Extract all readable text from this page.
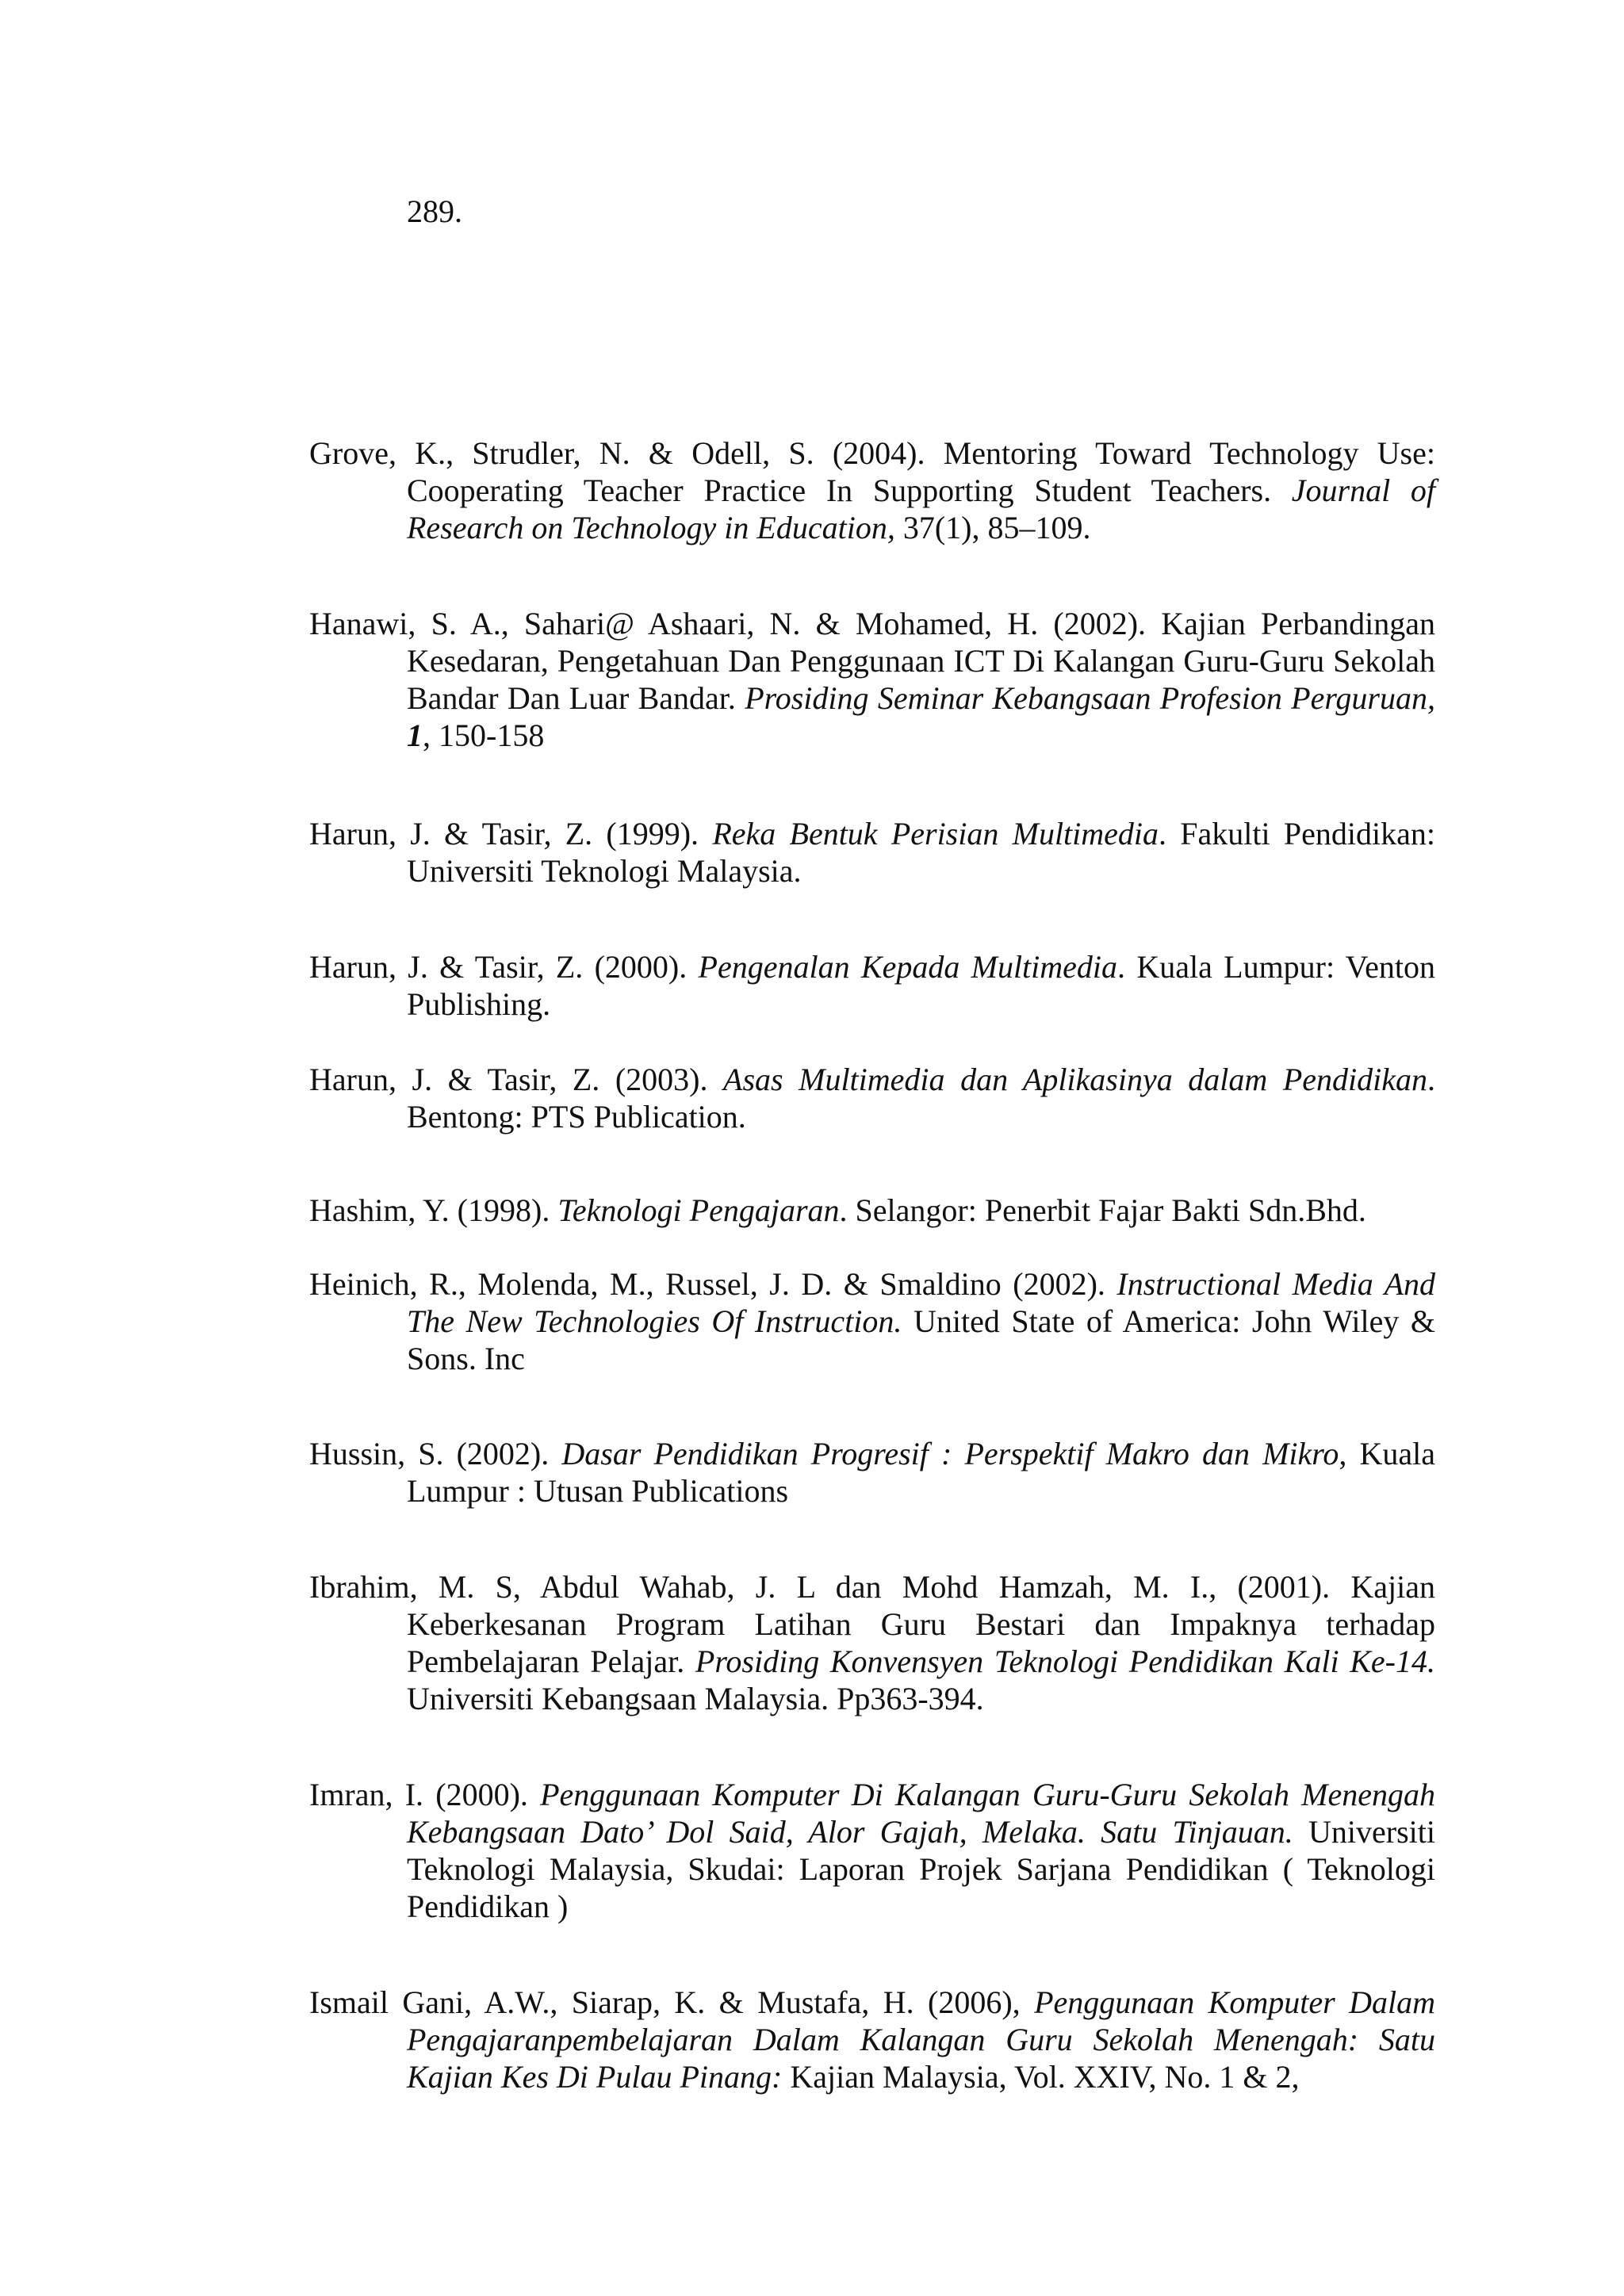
289.

Grove, K., Strudler, N. & Odell, S. (2004). Mentoring Toward Technology Use: Cooperating Teacher Practice In Supporting Student Teachers. Journal of Research on Technology in Education, 37(1), 85–109.

Hanawi, S. A., Sahari@ Ashaari, N. & Mohamed, H. (2002). Kajian Perbandingan Kesedaran, Pengetahuan Dan Penggunaan ICT Di Kalangan Guru-Guru Sekolah Bandar Dan Luar Bandar. Prosiding Seminar Kebangsaan Profesion Perguruan, 1, 150-158

Harun, J. & Tasir, Z. (1999). Reka Bentuk Perisian Multimedia. Fakulti Pendidikan: Universiti Teknologi Malaysia.

Harun, J. & Tasir, Z. (2000). Pengenalan Kepada Multimedia. Kuala Lumpur: Venton Publishing.

Harun, J. & Tasir, Z. (2003). Asas Multimedia dan Aplikasinya dalam Pendidikan. Bentong: PTS Publication.

Hashim, Y. (1998). Teknologi Pengajaran. Selangor: Penerbit Fajar Bakti Sdn.Bhd.

Heinich, R., Molenda, M., Russel, J. D. & Smaldino (2002). Instructional Media And The New Technologies Of Instruction. United State of America: John Wiley & Sons. Inc

Hussin, S. (2002). Dasar Pendidikan Progresif : Perspektif Makro dan Mikro, Kuala Lumpur : Utusan Publications

Ibrahim, M. S, Abdul Wahab, J. L dan Mohd Hamzah, M. I., (2001). Kajian Keberkesanan Program Latihan Guru Bestari dan Impaknya terhadap Pembelajaran Pelajar. Prosiding Konvensyen Teknologi Pendidikan Kali Ke-14. Universiti Kebangsaan Malaysia. Pp363-394.

Imran, I. (2000). Penggunaan Komputer Di Kalangan Guru-Guru Sekolah Menengah Kebangsaan Dato’ Dol Said, Alor Gajah, Melaka. Satu Tinjauan. Universiti Teknologi Malaysia, Skudai: Laporan Projek Sarjana Pendidikan ( Teknologi Pendidikan )

Ismail Gani, A.W., Siarap, K. & Mustafa, H. (2006), Penggunaan Komputer Dalam Pengajaranpembelajaran Dalam Kalangan Guru Sekolah Menengah: Satu Kajian Kes Di Pulau Pinang: Kajian Malaysia, Vol. XXIV, No. 1 & 2,
